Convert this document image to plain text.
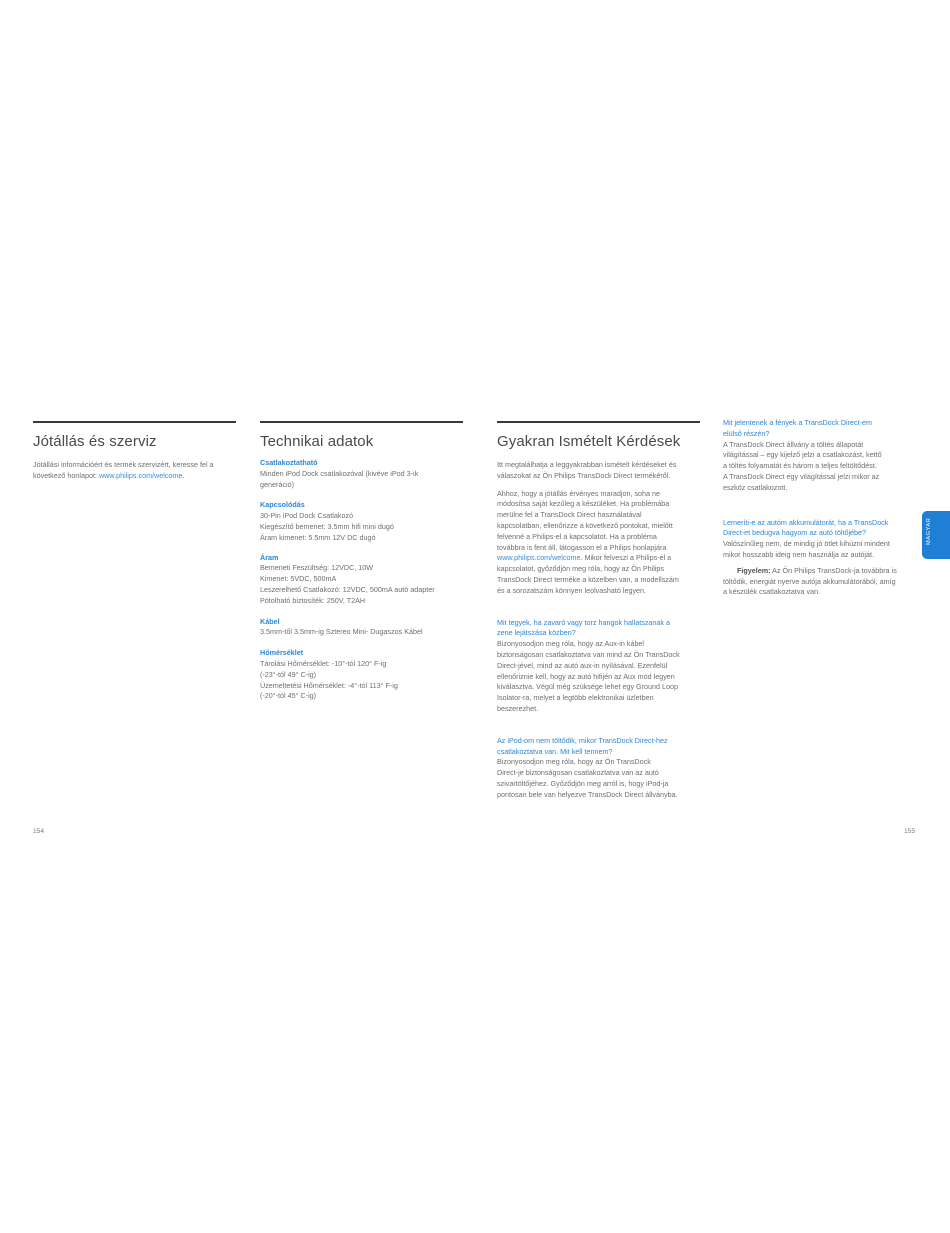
Jótállás és szerviz

Jótállási információért és termék szervizért, keresse fel a következő honlapot: www.philips.com/welcome.

Technikai adatok

Csatlakoztatható

Minden iPod Dock csatlakozóval (kivéve iPod 3-ik
generáció)

Kapcsolódás

30-Pin iPod Dock Csatlakozó
Kiegészítő bemenet: 3.5mm hifi mini dugó
Áram kimenet: 5.5mm 12V DC dugó

Áram

Bemeneti Feszültség: 12VDC, 10W
Kimenet: 5VDC, 500mA
Leszerelhető Csatlakozó: 12VDC, 500mA autó adapter
Pótolható biztosíték: 250V, T2AH

Kábel

3.5mm-től 3.5mm-ig Sztereo Mini- Dugaszos Kábel

Hőmérséklet

Tárolási Hőmérséklet: -10°-tól 120° F-ig
(-23°-tól 49° C-ig)
Üzemeltetési Hőmérséklet: -4°-tól 113° F-ig
(-20°-tól 45° C-ig)

Gyakran Ismételt Kérdések

Itt megtalálhatja a leggyakrabban ismételt kérdéseket és
válaszokat az Ön Philips TransDock Direct termékéről.

Ahhoz, hogy a jótállás érvényes maradjon, soha ne
módosítsa saját kezűleg a készüléket. Ha problémába
merülne fel a TransDock Direct használatával
kapcsolatban, ellenőrizze a következő pontokat, mielőtt
felvenné a Philips-el a kapcsolatot. Ha a probléma
továbbra is fent áll, látogasson el a Philips honlapjára
www.philips.com/welcome. Mikor felveszi a Philips-el a
kapcsolatot, győződjön meg róla, hogy az Ön Philips
TransDock Direct terméke a közelben van, a modellszám
és a sorozatszám könnyen leolvasható legyen.

Mit tegyek, ha zavaró vagy torz hangok hallatszanak a
zene lejátszása közben?

Bizonyosodjon meg róla, hogy az Aux-in kábel
biztonságosan csatlakoztatva van mind az Ön TransDock
Direct-jével, mind az autó aux-in nyílásával. Ezenfelül
ellenőriznie kell, hogy az autó hifijén az Aux mód legyen
kiválasztva. Végül még szüksége lehet egy Ground Loop
Isolator-ra, melyet a legtöbb elektronikai üzletben
beszerezhet.

Az iPod-om nem töltődik, mikor TransDock Direct-hez
csatlakoztatva van. Mit kell tennem?

Bizonyosodjon meg róla, hogy az Ön TransDock
Direct-je biztonságosan csatlakoztatva van az autó
szivartöltőjéhez. Győződjön meg arról is, hogy iPod-ja
pontosan bele van helyezve TransDock Direct állványba.

Mit jelentenek a fények a TransDock Direct-em
elülső részén?

A TransDock Direct állvány a töltés állapotát
világítással – egy kijelző jelzi a csatlakozást, kettő
a töltés folyamatát és három a teljes feltöltődést.
A TransDock Direct egy világítással jelzi mikor az
eszköz csatlakozott.

Lemeríti-e az autóm akkumulátorát, ha a TransDock
Direct-et bedugva hagyom az autó töltőjébe?

Valószínűleg nem, de mindig jó ötlet kihúzni mindent
mikor hosszabb ideig nem használja az autóját.

Figyelem: Az Ön Philips TransDock-ja továbbra is
töltődik, energiát nyerve autója akkumulátorából, amíg
a készülék csatlakoztatva van.

MAGYAR
154	155
